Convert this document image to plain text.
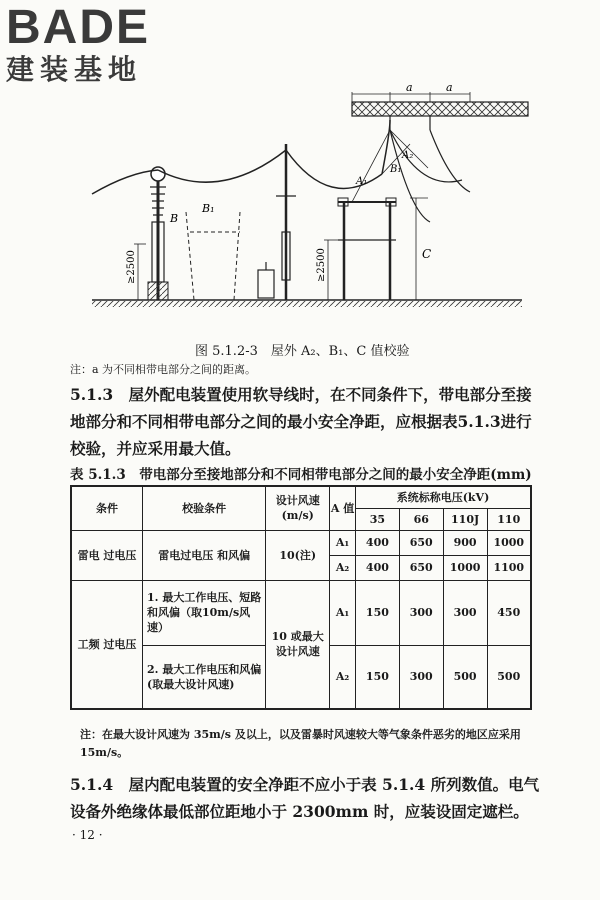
BADE
建装基地
≥2500
B₁
B
≥2500
a	a
A₂
B₁
A₁
C
图 5.1.2-3　屋外 A₂、B₁、C 值校验
注：a 为不同相带电部分之间的距离。
5.1.3　屋外配电装置使用软导线时，在不同条件下，带电部分至接地部分和不同相带电部分之间的最小安全净距，应根据表5.1.3进行校验，并应采用最大值。
表 5.1.3　带电部分至接地部分和不同相带电部分之间的最小安全净距(mm)
条件	校验条件	设计风速 (m/s)	A 值	系统标称电压(kV)			
				35	66	110J	110
雷电 过电压	雷电过电压 和风偏	10(注)	A₁	400	650	900	1000
			A₂	400	650	1000	1100
工频 过电压	1. 最大工作电压、短路和风偏（取10m/s风速）	10 或最大 设计风速	A₁	150	300	300	450
	2. 最大工作电压和风偏(取最大设计风速)		A₂	150	300	500	500
注：在最大设计风速为 35m/s 及以上，以及雷暴时风速较大等气象条件恶劣的地区应采用 15m/s。
5.1.4　屋内配电装置的安全净距不应小于表 5.1.4 所列数值。电气设备外绝缘体最低部位距地小于 2300mm 时，应装设固定遮栏。
· 12 ·
